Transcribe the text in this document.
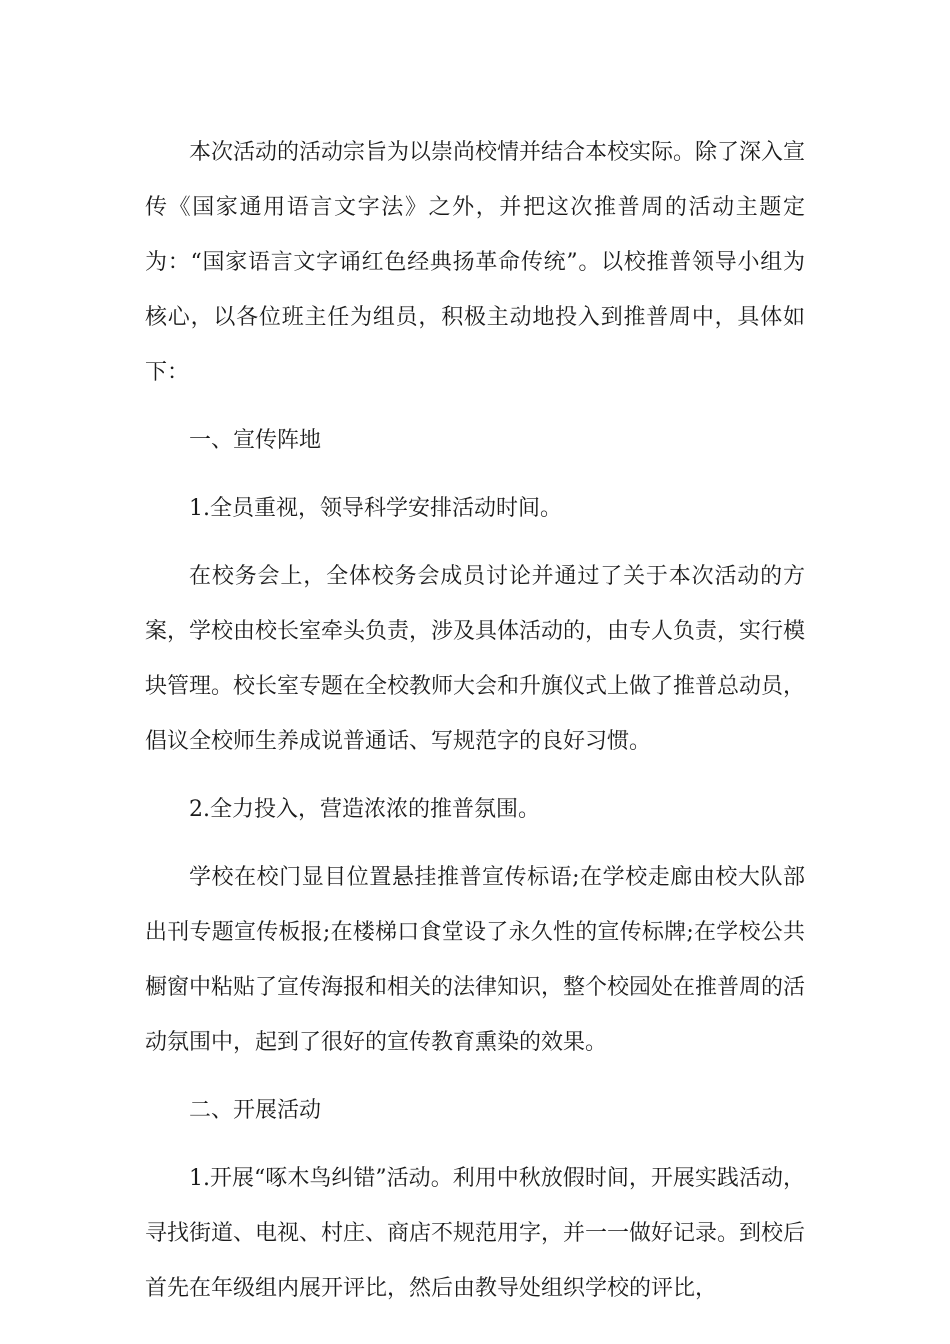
本次活动的活动宗旨为以崇尚校情并结合本校实际。除了深入宣传《国家通用语言文字法》之外，并把这次推普周的活动主题定为：“国家语言文字诵红色经典扬革命传统”。以校推普领导小组为核心，以各位班主任为组员，积极主动地投入到推普周中，具体如下：

一、宣传阵地

1.全员重视，领导科学安排活动时间。

在校务会上，全体校务会成员讨论并通过了关于本次活动的方案，学校由校长室牵头负责，涉及具体活动的，由专人负责，实行模块管理。校长室专题在全校教师大会和升旗仪式上做了推普总动员，倡议全校师生养成说普通话、写规范字的良好习惯。

2.全力投入，营造浓浓的推普氛围。

学校在校门显目位置悬挂推普宣传标语;在学校走廊由校大队部出刊专题宣传板报;在楼梯口食堂设了永久性的宣传标牌;在学校公共橱窗中粘贴了宣传海报和相关的法律知识，整个校园处在推普周的活动氛围中，起到了很好的宣传教育熏染的效果。

二、开展活动

1.开展“啄木鸟纠错”活动。利用中秋放假时间，开展实践活动，寻找街道、电视、村庄、商店不规范用字，并一一做好记录。到校后首先在年级组内展开评比，然后由教导处组织学校的评比，
